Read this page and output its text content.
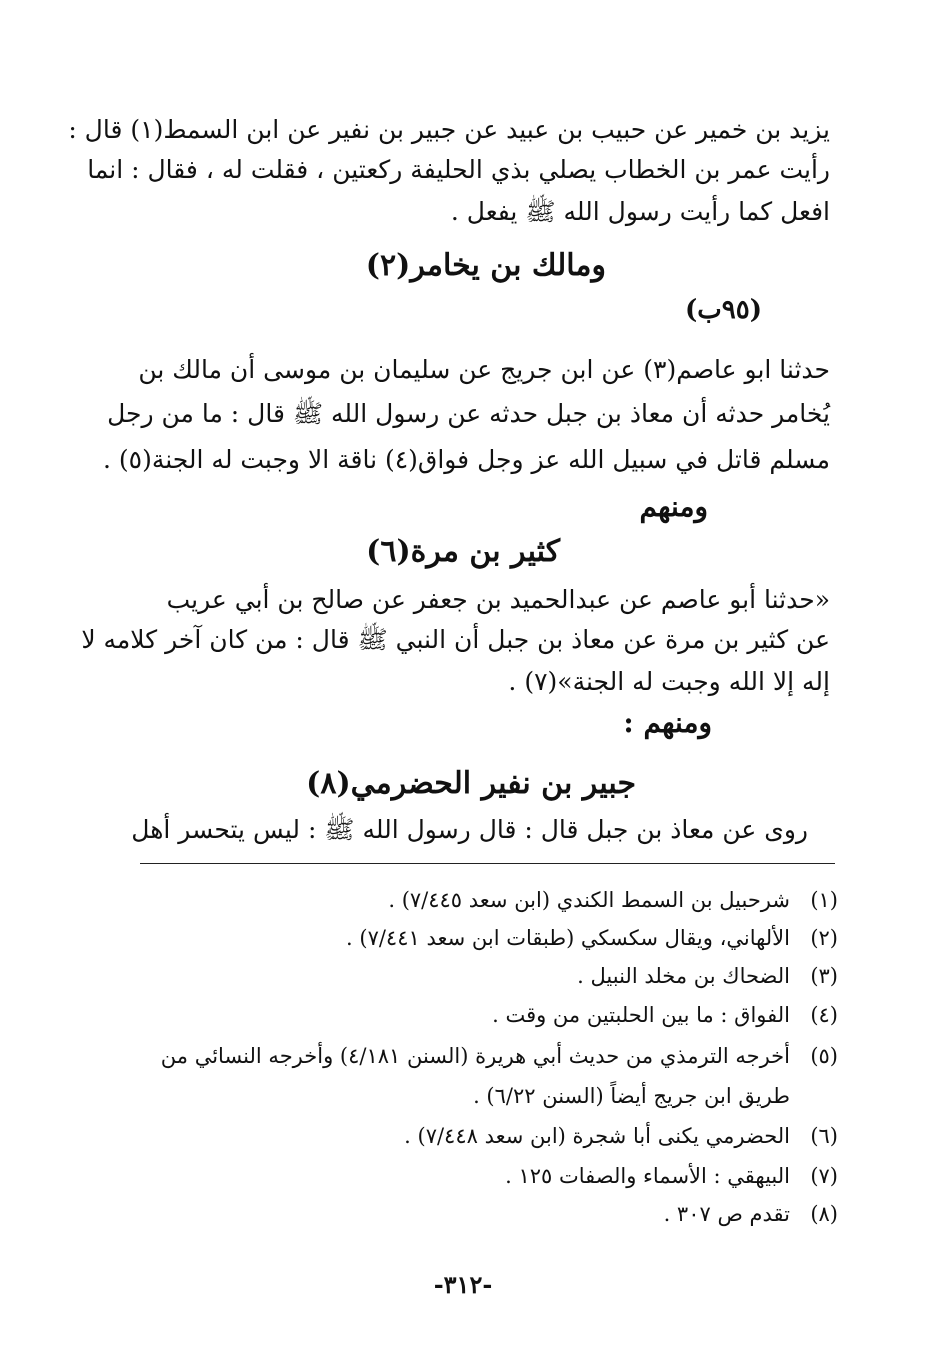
يزيد بن خمير عن حبيب بن عبيد عن جبير بن نفير عن ابن السمط(١) قال :
رأيت عمر بن الخطاب يصلي بذي الحليفة ركعتين ، فقلت له ، فقال : انما
افعل كما رأيت رسول الله ﷺ يفعل .
ومالك بن يخامر(٢)
(٩٥ب)
حدثنا ابو عاصم(٣) عن ابن جريج عن سليمان بن موسى أن مالك بن
يُخامر حدثه أن معاذ بن جبل حدثه عن رسول الله ﷺ قال : ما من رجل
مسلم قاتل في سبيل الله عز وجل فواق(٤) ناقة الا وجبت له الجنة(٥) .
ومنهم
كثير بن مرة(٦)
«حدثنا أبو عاصم عن عبدالحميد بن جعفر عن صالح بن أبي عريب
عن كثير بن مرة عن معاذ بن جبل أن النبي ﷺ قال : من كان آخر كلامه لا
إله إلا الله وجبت له الجنة»(٧) .
ومنهم :
جبير بن نفير الحضرمي(٨)
روى عن معاذ بن جبل قال : قال رسول الله ﷺ : ليس يتحسر أهل
(١)شرحبيل بن السمط الكندي (ابن سعد ٧/٤٤٥) .
(٢)الألهاني، ويقال سكسكي (طبقات ابن سعد ٧/٤٤١) .
(٣)الضحاك بن مخلد النبيل .
(٤)الفواق : ما بين الحلبتين من وقت .
(٥)أخرجه الترمذي من حديث أبي هريرة (السنن ٤/١٨١) وأخرجه النسائي من
طريق ابن جريج أيضاً (السنن ٦/٢٢) .
(٦)الحضرمي يكنى أبا شجرة (ابن سعد ٧/٤٤٨) .
(٧)البيهقي : الأسماء والصفات ١٢٥ .
(٨)تقدم ص ٣٠٧ .
-٣١٢-
